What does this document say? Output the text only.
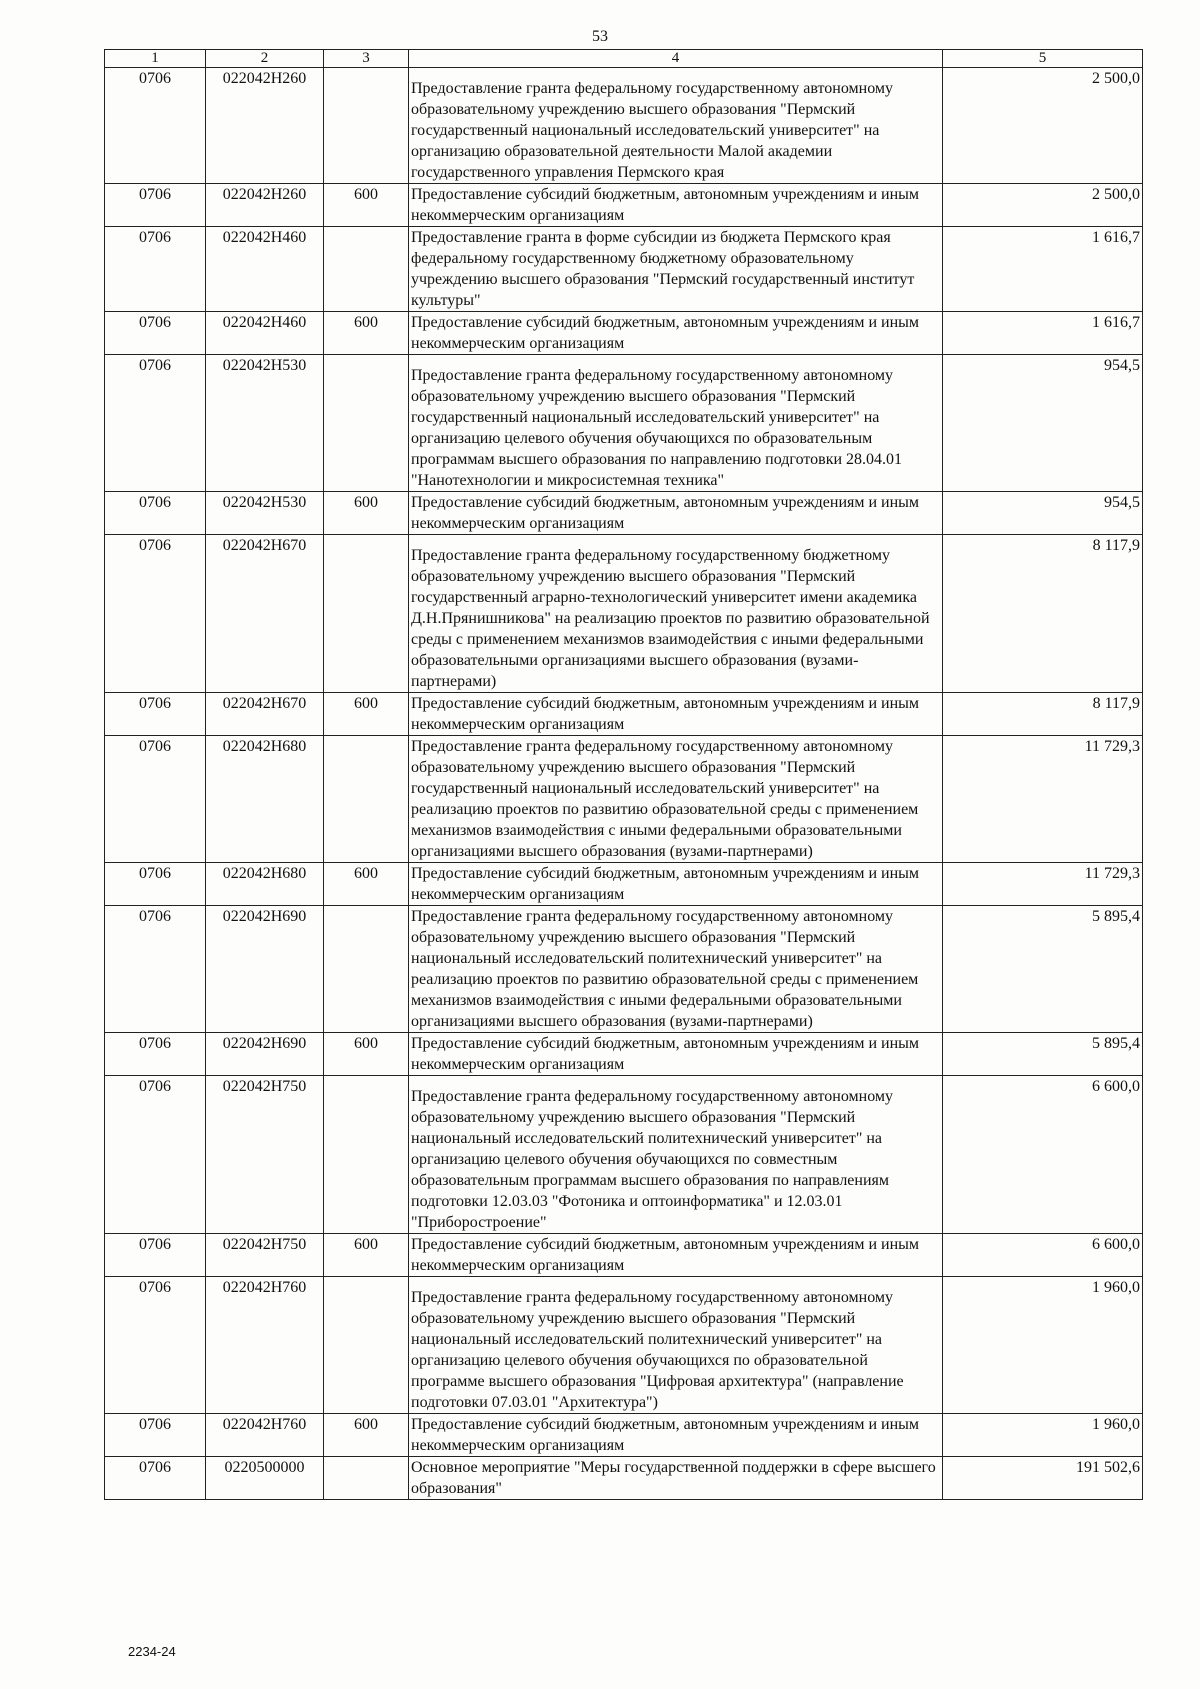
53
1	2	3	4	5
0706	022042H260		Предоставление гранта федеральному государственному автономному образовательному учреждению высшего образования "Пермский государственный национальный исследовательский университет" на организацию образовательной деятельности Малой академии государственного управления Пермского края	2 500,0
0706	022042H260	600	Предоставление субсидий бюджетным, автономным учреждениям и иным некоммерческим организациям	2 500,0
0706	022042H460		Предоставление гранта в форме субсидии из бюджета Пермского края федеральному государственному бюджетному образовательному учреждению высшего образования "Пермский государственный институт культуры"	1 616,7
0706	022042H460	600	Предоставление субсидий бюджетным, автономным учреждениям и иным некоммерческим организациям	1 616,7
0706	022042H530		Предоставление гранта федеральному государственному автономному образовательному учреждению высшего образования "Пермский государственный национальный исследовательский университет" на организацию целевого обучения обучающихся по образовательным программам высшего образования по направлению подготовки 28.04.01 "Нанотехнологии и микросистемная техника"	954,5
0706	022042H530	600	Предоставление субсидий бюджетным, автономным учреждениям и иным некоммерческим организациям	954,5
0706	022042H670		Предоставление гранта федеральному государственному бюджетному образовательному учреждению высшего образования "Пермский государственный аграрно-технологический университет имени академика Д.Н.Прянишникова" на реализацию проектов по развитию образовательной среды с применением механизмов взаимодействия с иными федеральными образовательными организациями высшего образования (вузами-партнерами)	8 117,9
0706	022042H670	600	Предоставление субсидий бюджетным, автономным учреждениям и иным некоммерческим организациям	8 117,9
0706	022042H680		Предоставление гранта федеральному государственному автономному образовательному учреждению высшего образования "Пермский государственный национальный исследовательский университет" на реализацию проектов по развитию образовательной среды с применением механизмов взаимодействия с иными федеральными образовательными организациями высшего образования (вузами-партнерами)	11 729,3
0706	022042H680	600	Предоставление субсидий бюджетным, автономным учреждениям и иным некоммерческим организациям	11 729,3
0706	022042H690		Предоставление гранта федеральному государственному автономному образовательному учреждению высшего образования "Пермский национальный исследовательский политехнический университет" на реализацию проектов по развитию образовательной среды с применением механизмов взаимодействия с иными федеральными образовательными организациями высшего образования (вузами-партнерами)	5 895,4
0706	022042H690	600	Предоставление субсидий бюджетным, автономным учреждениям и иным некоммерческим организациям	5 895,4
0706	022042H750		Предоставление гранта федеральному государственному автономному образовательному учреждению высшего образования "Пермский национальный исследовательский политехнический университет" на организацию целевого обучения обучающихся по совместным образовательным программам высшего образования по направлениям подготовки 12.03.03 "Фотоника и оптоинформатика" и 12.03.01 "Приборостроение"	6 600,0
0706	022042H750	600	Предоставление субсидий бюджетным, автономным учреждениям и иным некоммерческим организациям	6 600,0
0706	022042H760		Предоставление гранта федеральному государственному автономному образовательному учреждению высшего образования "Пермский национальный исследовательский политехнический университет" на организацию целевого обучения обучающихся по образовательной программе высшего образования "Цифровая архитектура" (направление подготовки 07.03.01 "Архитектура")	1 960,0
0706	022042H760	600	Предоставление субсидий бюджетным, автономным учреждениям и иным некоммерческим организациям	1 960,0
0706	0220500000		Основное мероприятие "Меры государственной поддержки в сфере высшего образования"	191 502,6
2234-24
